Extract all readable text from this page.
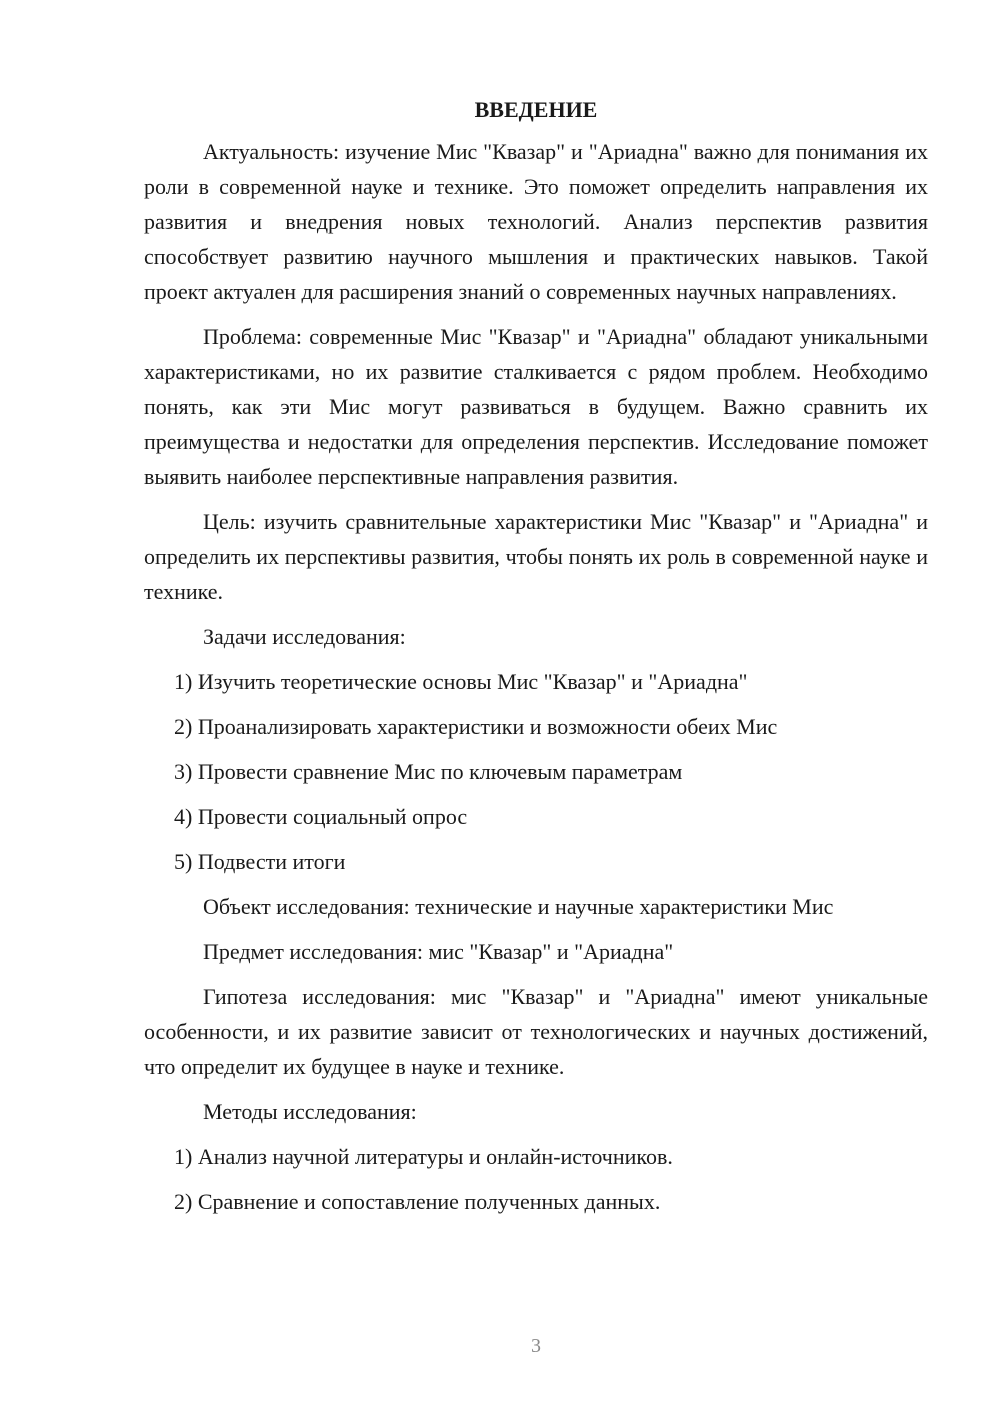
ВВЕДЕНИЕ

Актуальность: изучение Мис "Квазар" и "Ариадна" важно для понимания их роли в современной науке и технике. Это поможет определить направления их развития и внедрения новых технологий. Анализ перспектив развития способствует развитию научного мышления и практических навыков. Такой проект актуален для расширения знаний о современных научных направлениях.

Проблема: современные Мис "Квазар" и "Ариадна" обладают уникальными характеристиками, но их развитие сталкивается с рядом проблем. Необходимо понять, как эти Мис могут развиваться в будущем. Важно сравнить их преимущества и недостатки для определения перспектив. Исследование поможет выявить наиболее перспективные направления развития.

Цель: изучить сравнительные характеристики Мис "Квазар" и "Ариадна" и определить их перспективы развития, чтобы понять их роль в современной науке и технике.

Задачи исследования:

1) Изучить теоретические основы Мис "Квазар" и "Ариадна"

2) Проанализировать характеристики и возможности обеих Мис

3) Провести сравнение Мис по ключевым параметрам

4) Провести социальный опрос

5) Подвести итоги

Объект исследования: технические и научные характеристики Мис

Предмет исследования: мис "Квазар" и "Ариадна"

Гипотеза исследования: мис "Квазар" и "Ариадна" имеют уникальные особенности, и их развитие зависит от технологических и научных достижений, что определит их будущее в науке и технике.

Методы исследования:

1) Анализ научной литературы и онлайн-источников.

2) Сравнение и сопоставление полученных данных.

3
